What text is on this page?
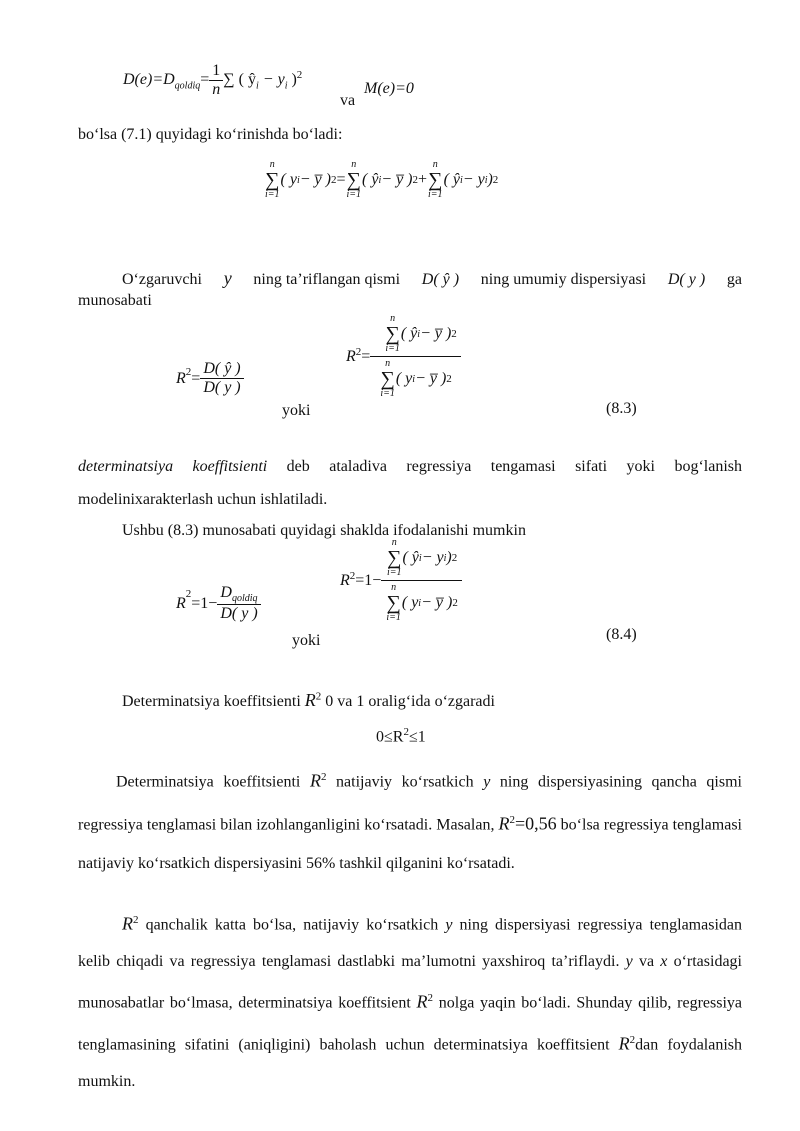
$D(e)=D_{qoldiq}= \frac{1}{n}$ ∑ ( $ŷ_i - y_i$ )$^2$
va
M(e)=0
bo‘lsa (7.1) quyidagi ko‘rinishda bo‘ladi:
n
∑
i=1
( y i − y̅ ) 2 =
n
∑
i=1
( ŷ i − y̅ ) 2 +
n
∑
i=1
( ŷ i − y i ) 2
O‘zgaruvchi y ning ta’riflangan qismi D( ŷ ) ning umumiy dispersiyasi D( y ) ga
munosabati
R $2 = \frac{D( ŷ )}{D( y )}$
yoki
R 2 = n
∑
i=1
( ŷ i − y̅ ) 2
n
∑
i=1
( y i − y̅ ) 2
(8.3)
determinatsiya koeffitsienti deb ataladiva regressiya tengamasi sifati yoki bog‘lanish modelinixarakterlash uchun ishlatiladi.
Ushbu (8.3) munosabati quyidagi shaklda ifodalanishi mumkin
R
2
$=1- \frac{D_{qoldiq}}{D( y )}$
yoki
R 2 =1− n
∑
i=1
( ŷ i − y i ) 2
n
∑
i=1
( y i − y̅ ) 2
(8.4)
Determinatsiya koeffitsienti $R^2$ 0 va 1 oralig‘ida o‘zgaradi
$0\le R^2\le 1$
Determinatsiya koeffitsienti $R^2$ natijaviy ko‘rsatkich y ning dispersiyasining qancha qismi regressiya tenglamasi bilan izohlanganligini ko‘rsatadi. Masalan, $R^2=0,56$ bo‘lsa regressiya tenglamasi natijaviy ko‘rsatkich dispersiyasini 56% tashkil qilganini ko‘rsatadi.
$R^2$ qanchalik katta bo‘lsa, natijaviy ko‘rsatkich y ning dispersiyasi regressiya tenglamasidan kelib chiqadi va regressiya tenglamasi dastlabki ma’lumotni yaxshiroq ta’riflaydi. y va x o‘rtasidagi munosabatlar bo‘lmasa, determinatsiya koeffitsient $R^2$ nolga yaqin bo‘ladi. Shunday qilib, regressiya tenglamasining sifatini (aniqligini) baholash uchun determinatsiya koeffitsient $R^2dan$ foydalanish mumkin.
